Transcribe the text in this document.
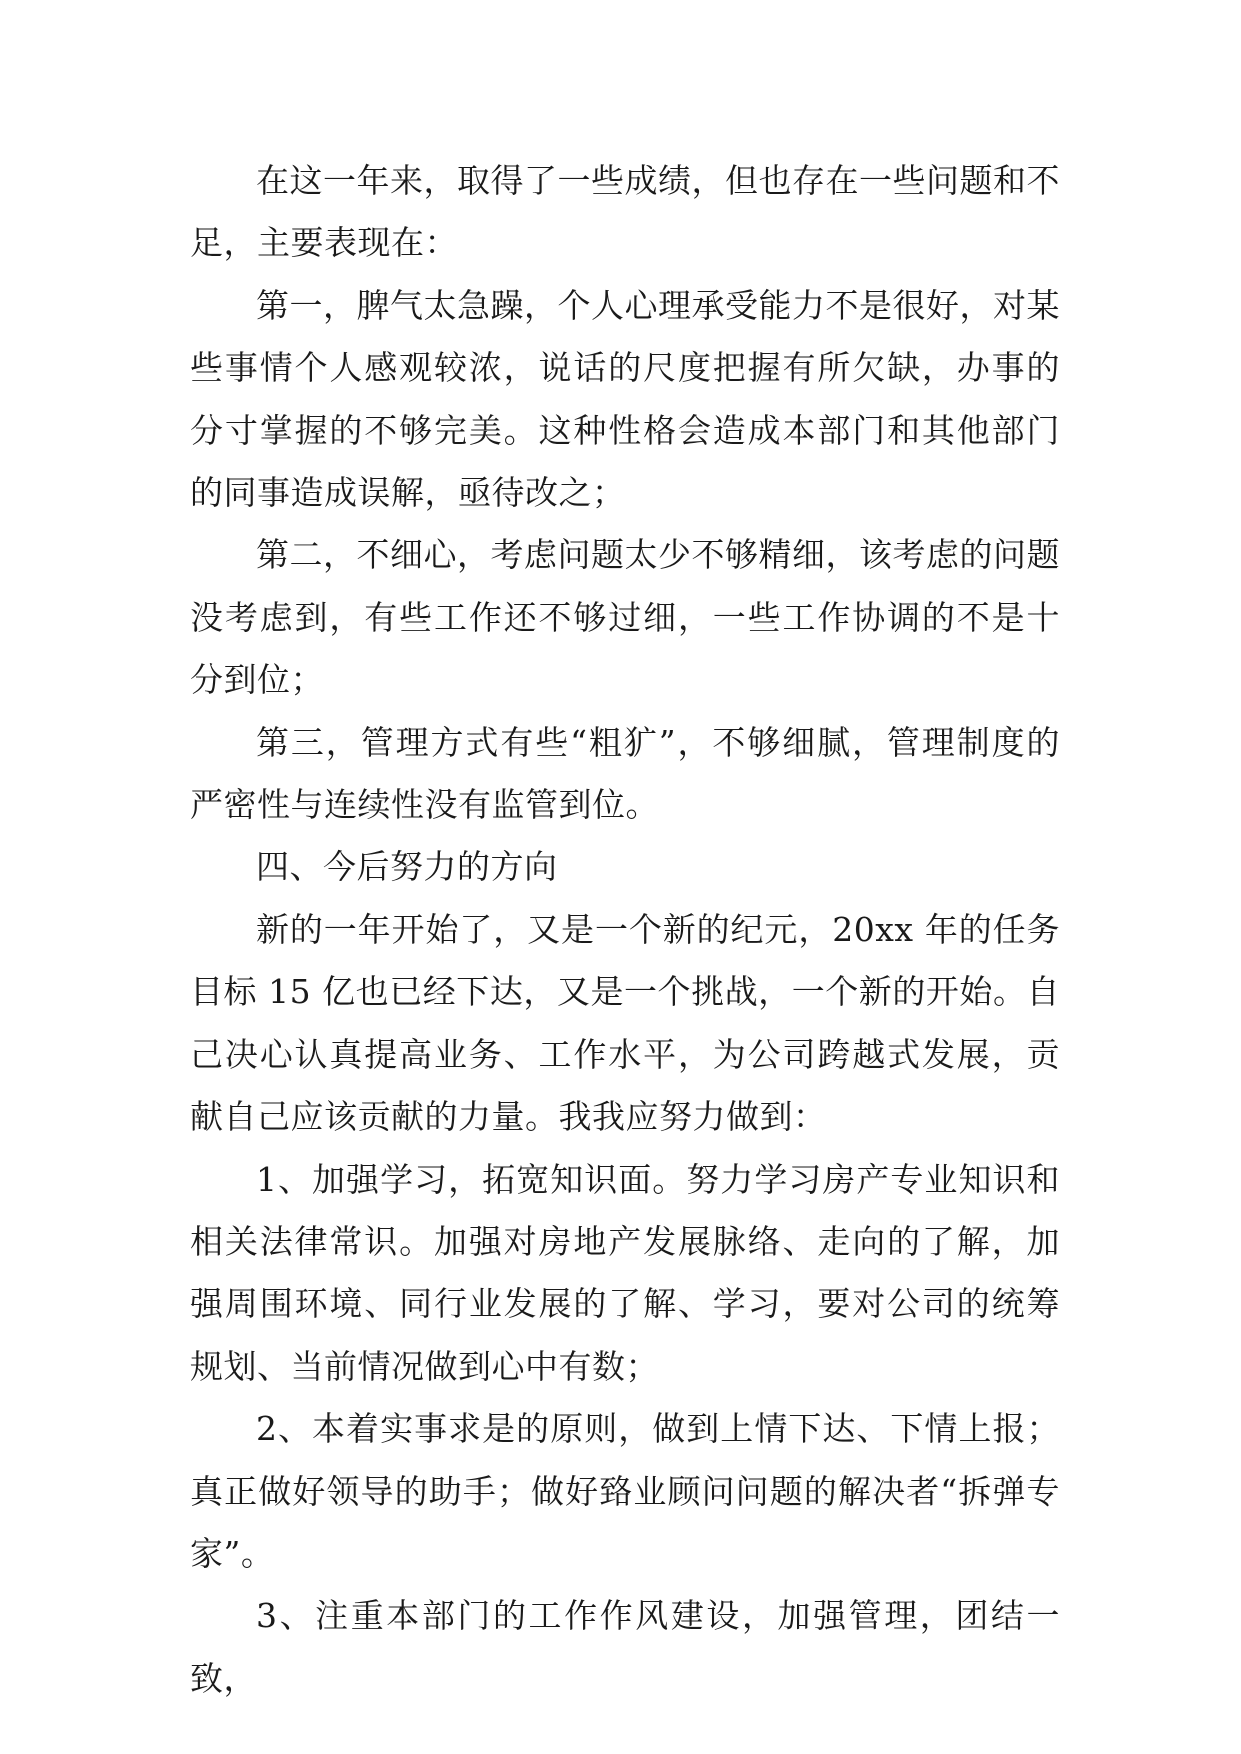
在这一年来，取得了一些成绩，但也存在一些问题和不足，主要表现在：

第一，脾气太急躁，个人心理承受能力不是很好，对某些事情个人感观较浓，说话的尺度把握有所欠缺，办事的分寸掌握的不够完美。这种性格会造成本部门和其他部门的同事造成误解，亟待改之；

第二，不细心，考虑问题太少不够精细，该考虑的问题没考虑到，有些工作还不够过细，一些工作协调的不是十分到位；

第三，管理方式有些“粗犷”，不够细腻，管理制度的严密性与连续性没有监管到位。

四、今后努力的方向

新的一年开始了，又是一个新的纪元，20xx 年的任务目标 15 亿也已经下达，又是一个挑战，一个新的开始。自己决心认真提高业务、工作水平，为公司跨越式发展，贡献自己应该贡献的力量。我我应努力做到：

1、加强学习，拓宽知识面。努力学习房产专业知识和相关法律常识。加强对房地产发展脉络、走向的了解，加强周围环境、同行业发展的了解、学习，要对公司的统筹规划、当前情况做到心中有数；

2、本着实事求是的原则，做到上情下达、下情上报；真正做好领导的助手；做好臵业顾问问题的解决者“拆弹专家”。

3、注重本部门的工作作风建设，加强管理，团结一致，
